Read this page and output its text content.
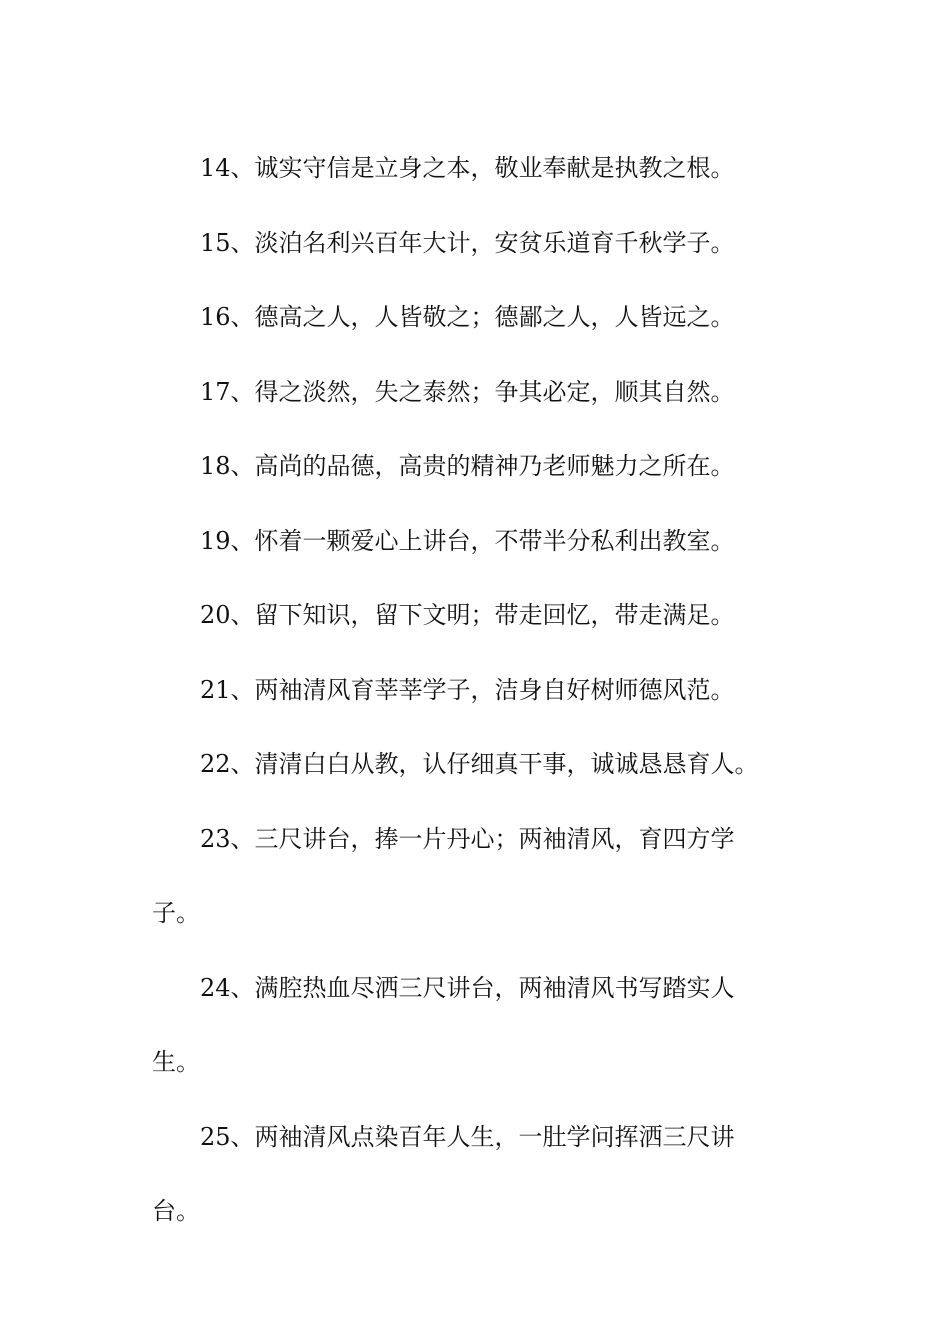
14、诚实守信是立身之本，敬业奉献是执教之根。

15、淡泊名利兴百年大计，安贫乐道育千秋学子。

16、德高之人，人皆敬之；德鄙之人，人皆远之。

17、得之淡然，失之泰然；争其必定，顺其自然。

18、高尚的品德，高贵的精神乃老师魅力之所在。

19、怀着一颗爱心上讲台，不带半分私利出教室。

20、留下知识，留下文明；带走回忆，带走满足。

21、两袖清风育莘莘学子，洁身自好树师德风范。

22、清清白白从教，认仔细真干事，诚诚恳恳育人。

23、三尺讲台，捧一片丹心；两袖清风，育四方学子。

24、满腔热血尽洒三尺讲台，两袖清风书写踏实人生。

25、两袖清风点染百年人生，一肚学问挥洒三尺讲台。
